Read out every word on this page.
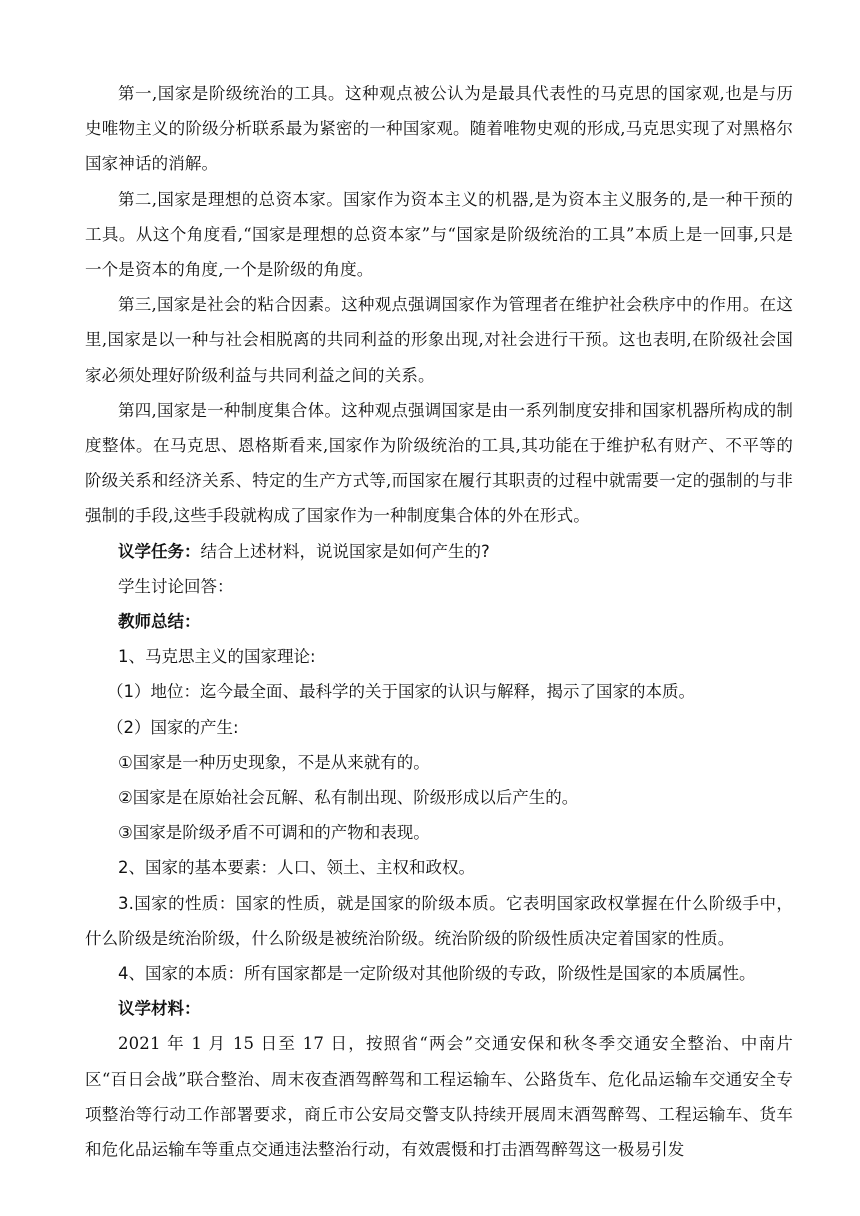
第一,国家是阶级统治的工具。这种观点被公认为是最具代表性的马克思的国家观,也是与历史唯物主义的阶级分析联系最为紧密的一种国家观。随着唯物史观的形成,马克思实现了对黑格尔国家神话的消解。

第二,国家是理想的总资本家。国家作为资本主义的机器,是为资本主义服务的,是一种干预的工具。从这个角度看,“国家是理想的总资本家”与“国家是阶级统治的工具”本质上是一回事,只是一个是资本的角度,一个是阶级的角度。

第三,国家是社会的粘合因素。这种观点强调国家作为管理者在维护社会秩序中的作用。在这里,国家是以一种与社会相脱离的共同利益的形象出现,对社会进行干预。这也表明,在阶级社会国家必须处理好阶级利益与共同利益之间的关系。

第四,国家是一种制度集合体。这种观点强调国家是由一系列制度安排和国家机器所构成的制度整体。在马克思、恩格斯看来,国家作为阶级统治的工具,其功能在于维护私有财产、不平等的阶级关系和经济关系、特定的生产方式等,而国家在履行其职责的过程中就需要一定的强制的与非强制的手段,这些手段就构成了国家作为一种制度集合体的外在形式。

议学任务：结合上述材料，说说国家是如何产生的?

学生讨论回答：

教师总结：

1、马克思主义的国家理论:

（1）地位：迄今最全面、最科学的关于国家的认识与解释，揭示了国家的本质。

（2）国家的产生:

①国家是一种历史现象，不是从来就有的。

②国家是在原始社会瓦解、私有制出现、阶级形成以后产生的。

③国家是阶级矛盾不可调和的产物和表现。

2、国家的基本要素：人口、领土、主权和政权。

3.国家的性质：国家的性质，就是国家的阶级本质。它表明国家政权掌握在什么阶级手中，什么阶级是统治阶级，什么阶级是被统治阶级。统治阶级的阶级性质决定着国家的性质。

4、国家的本质：所有国家都是一定阶级对其他阶级的专政，阶级性是国家的本质属性。

议学材料：

2021 年 1 月 15 日至 17 日，按照省“两会”交通安保和秋冬季交通安全整治、中南片区“百日会战”联合整治、周末夜查酒驾醉驾和工程运输车、公路货车、危化品运输车交通安全专项整治等行动工作部署要求，商丘市公安局交警支队持续开展周末酒驾醉驾、工程运输车、货车和危化品运输车等重点交通违法整治行动，有效震慑和打击酒驾醉驾这一极易引发
